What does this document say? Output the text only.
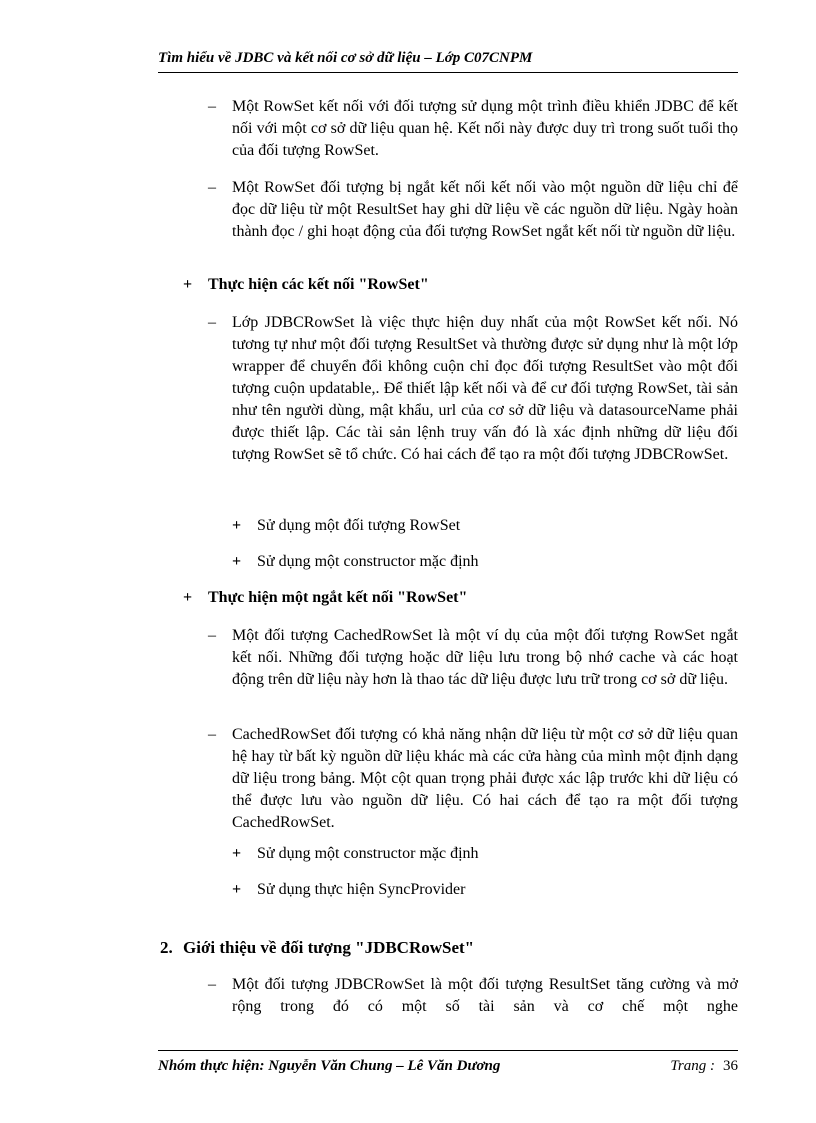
Tìm hiểu về JDBC và kết nối cơ sở dữ liệu – Lớp C07CNPM
–	Một RowSet kết nối với đối tượng sử dụng một trình điều khiển JDBC để kết nối với một cơ sở dữ liệu quan hệ. Kết nối này được duy trì trong suốt tuổi thọ của đối tượng RowSet.
–	Một RowSet đối tượng bị ngắt kết nối kết nối vào một nguồn dữ liệu chỉ để đọc dữ liệu từ một ResultSet hay ghi dữ liệu về các nguồn dữ liệu. Ngày hoàn thành đọc / ghi hoạt động của đối tượng RowSet ngắt kết nối từ nguồn dữ liệu.
+ Thực hiện các kết nối "RowSet"
–	Lớp JDBCRowSet là việc thực hiện duy nhất của một RowSet kết nối. Nó tương tự như một đối tượng ResultSet và thường được sử dụng như là một lớp wrapper để chuyển đổi không cuộn chỉ đọc đối tượng ResultSet vào một đối tượng cuộn updatable,. Để thiết lập kết nối và để cư đối tượng RowSet, tài sản như tên người dùng, mật khẩu, url của cơ sở dữ liệu và datasourceName phải được thiết lập. Các tài sản lệnh truy vấn đó là xác định những dữ liệu đối tượng RowSet sẽ tổ chức. Có hai cách để tạo ra một đối tượng JDBCRowSet.
+ Sử dụng một đối tượng RowSet
+ Sử dụng một constructor mặc định
+ Thực hiện một ngắt kết nối "RowSet"
–	Một đối tượng CachedRowSet là một ví dụ của một đối tượng RowSet ngắt kết nối. Những đối tượng hoặc dữ liệu lưu trong bộ nhớ cache và các hoạt động trên dữ liệu này hơn là thao tác dữ liệu được lưu trữ trong cơ sở dữ liệu.
–	CachedRowSet đối tượng có khả năng nhận dữ liệu từ một cơ sở dữ liệu quan hệ hay từ bất kỳ nguồn dữ liệu khác mà các cửa hàng của mình một định dạng dữ liệu trong bảng. Một cột quan trọng phải được xác lập trước khi dữ liệu có thể được lưu vào nguồn dữ liệu. Có hai cách để tạo ra một đối tượng CachedRowSet.
+ Sử dụng một constructor mặc định
+ Sử dụng thực hiện SyncProvider
2. Giới thiệu về đối tượng "JDBCRowSet"
–	Một đối tượng JDBCRowSet là một đối tượng ResultSet tăng cường và mở rộng trong đó có một số tài sản và cơ chế một nghe
Nhóm thực hiện: Nguyễn Văn Chung – Lê Văn Dương	Trang : 36
